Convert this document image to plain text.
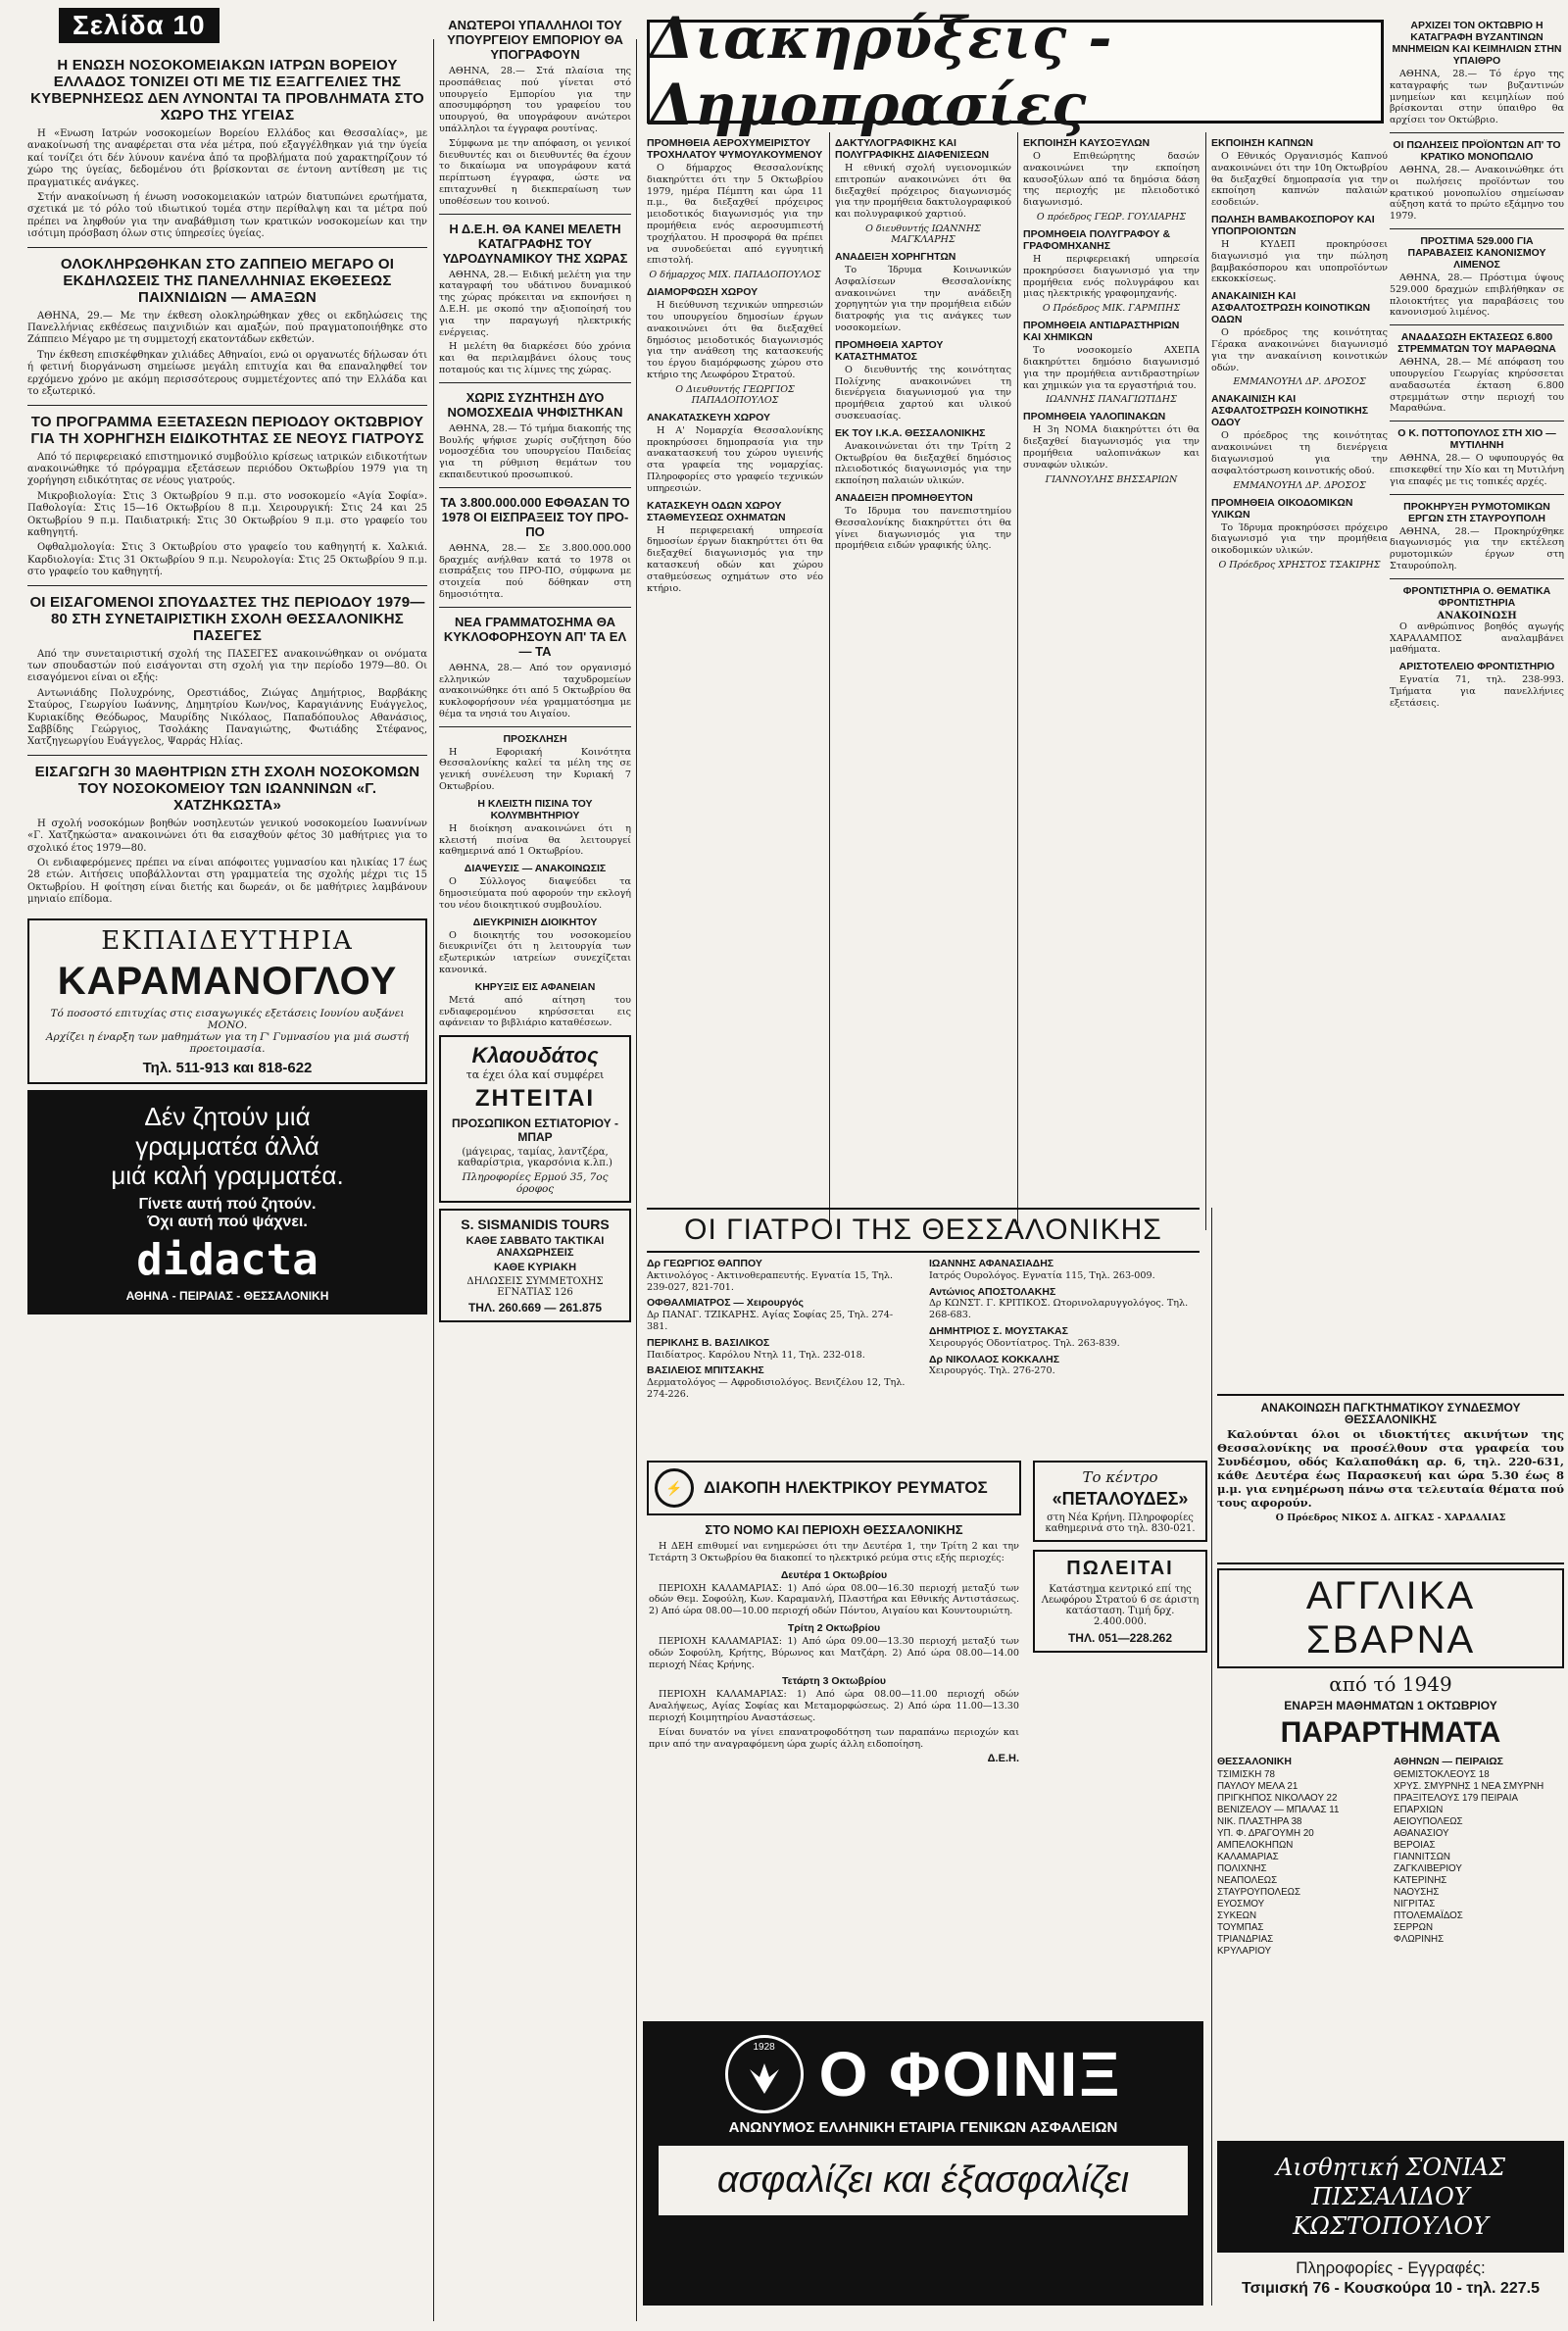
Σελίδα 10
Η ΕΝΩΣΗ ΝΟΣΟΚΟΜΕΙΑΚΩΝ ΙΑΤΡΩΝ ΒΟΡΕΙΟΥ ΕΛΛΑΔΟΣ ΤΟΝΙΖΕΙ ΟΤΙ ΜΕ ΤΙΣ ΕΞΑΓΓΕΛΙΕΣ ΤΗΣ ΚΥΒΕΡΝΗΣΕΩΣ ΔΕΝ ΛΥΝΟΝΤΑΙ ΤΑ ΠΡΟΒΛΗΜΑΤΑ ΣΤΟ ΧΩΡΟ ΤΗΣ ΥΓΕΙΑΣ

Η «Ενωση Ιατρών νοσοκομείων Βορείου Ελλάδος και Θεσσαλίας», με ανακοίνωσή της αναφέρεται στα νέα μέτρα, πού εξαγγέλθηκαν γιά την ύγεία καί τονίζει ότι δέν λύνουν κανένα ἀπό τα προβλήματα πού χαρακτηρίζουν τό χώρο της ύγείας, δεδομένου ότι βρίσκονται σε έντονη αντίθεση με τις πραγματικές ανάγκες.

Στήν ανακοίνωση ή ένωση νοσοκομειακών ιατρών διατυπώνει ερωτήματα, σχετικά με τό ρόλο τού ιδιωτικού τομέα στην περίθαλψη και τα μέτρα πού πρέπει να ληφθούν για την αναβάθμιση των κρατικών νοσοκομείων και την ισότιμη πρόσβαση όλων στις ύπηρεσίες ύγείας.

ΟΛΟΚΛΗΡΩΘΗΚΑΝ ΣΤΟ ΖΑΠΠΕΙΟ ΜΕΓΑΡΟ ΟΙ ΕΚΔΗΛΩΣΕΙΣ ΤΗΣ ΠΑΝΕΛΛΗΝΙΑΣ ΕΚΘΕΣΕΩΣ ΠΑΙΧΝΙΔΙΩΝ — ΑΜΑΞΩΝ

ΑΘΗΝΑ, 29.— Με την έκθεση ολοκληρώθηκαν χθες οι εκδηλώσεις της Πανελλήνιας εκθέσεως παιχνιδιών και αμαξών, πού πραγματοποιήθηκε στο Ζάππειο Μέγαρο με τη συμμετοχή εκατοντάδων εκθετών.

Την έκθεση επισκέφθηκαν χιλιάδες Αθηναίοι, ενώ οι οργανωτές δήλωσαν ότι ή φετινή διοργάνωση σημείωσε μεγάλη επιτυχία και θα επαναληφθεί τον ερχόμενο χρόνο με ακόμη περισσότερους συμμετέχοντες από την Ελλάδα και το εξωτερικό.

ΤΟ ΠΡΟΓΡΑΜΜΑ ΕΞΕΤΑΣΕΩΝ ΠΕΡΙΟΔΟΥ ΟΚΤΩΒΡΙΟΥ ΓΙΑ ΤΗ ΧΟΡΗΓΗΣΗ ΕΙΔΙΚΟΤΗΤΑΣ ΣΕ ΝΕΟΥΣ ΓΙΑΤΡΟΥΣ

Από τό περιφερειακό επιστημονικό συμβούλιο κρίσεως ιατρικών ειδικοτήτων ανακοινώθηκε τό πρόγραμμα εξετάσεων περιόδου Οκτωβρίου 1979 για τη χορήγηση ειδικότητας σε νέους γιατρούς.

Μικροβιολογία: Στις 3 Οκτωβρίου 9 π.μ. στο νοσοκομείο «Αγία Σοφία». Παθολογία: Στις 15—16 Οκτωβρίου 8 π.μ. Χειρουργική: Στις 24 και 25 Οκτωβρίου 9 π.μ. Παιδιατρική: Στις 30 Οκτωβρίου 9 π.μ. στο γραφείο του καθηγητή.

Οφθαλμολογία: Στις 3 Οκτωβρίου στο γραφείο του καθηγητή κ. Χαλκιά. Καρδιολογία: Στις 31 Οκτωβρίου 9 π.μ. Νευρολογία: Στις 25 Οκτωβρίου 9 π.μ. στο γραφείο του καθηγητή.

ΟΙ ΕΙΣΑΓΟΜΕΝΟΙ ΣΠΟΥΔΑΣΤΕΣ ΤΗΣ ΠΕΡΙΟΔΟΥ 1979—80 ΣΤΗ ΣΥΝΕΤΑΙΡΙΣΤΙΚΗ ΣΧΟΛΗ ΘΕΣΣΑΛΟΝΙΚΗΣ ΠΑΣΕΓΕΣ

Από την συνεταιριστική σχολή της ΠΑΣΕΓΕΣ ανακοινώθηκαν οι ονόματα των σπουδαστών πού εισάγονται στη σχολή για την περίοδο 1979—80. Οι εισαγόμενοι είναι οι εξής:

Αντωνιάδης Πολυχρόνης, Ορεστιάδος, Ζιώγας Δημήτριος, Βαρβάκης Σταύρος, Γεωργίου Ιωάννης, Δημητρίου Κων/νος, Καραγιάννης Ευάγγελος, Κυριακίδης Θεόδωρος, Μαυρίδης Νικόλαος, Παπαδόπουλος Αθανάσιος, Σαββίδης Γεώργιος, Τσολάκης Παναγιώτης, Φωτιάδης Στέφανος, Χατζηγεωργίου Ευάγγελος, Ψαρράς Ηλίας.

ΕΙΣΑΓΩΓΗ 30 ΜΑΘΗΤΡΙΩΝ ΣΤΗ ΣΧΟΛΗ ΝΟΣΟΚΟΜΩΝ ΤΟΥ ΝΟΣΟΚΟΜΕΙΟΥ ΤΩΝ ΙΩΑΝΝΙΝΩΝ «Γ. ΧΑΤΖΗΚΩΣΤΑ»

Η σχολή νοσοκόμων βοηθών νοσηλευτών γενικού νοσοκομείου Ιωαννίνων «Γ. Χατζηκώστα» ανακοινώνει ότι θα εισαχθούν φέτος 30 μαθήτριες για το σχολικό έτος 1979—80.

Οι ενδιαφερόμενες πρέπει να είναι απόφοιτες γυμνασίου και ηλικίας 17 έως 28 ετών. Αιτήσεις υποβάλλονται στη γραμματεία της σχολής μέχρι τις 15 Οκτωβρίου. Η φοίτηση είναι διετής και δωρεάν, οι δε μαθήτριες λαμβάνουν μηνιαίο επίδομα.

ΕΚΠΑΙΔΕΥΤΗΡΙΑ
ΚΑΡΑΜΑΝΟΓΛΟΥ
Τό ποσοστό επιτυχίας στις εισαγωγικές εξετάσεις Ιουνίου αυξάνει ΜΟΝΟ.
Αρχίζει η έναρξη των μαθημάτων για τη Γ' Γυμνασίου για μιά σωστή προετοιμασία.
Τηλ. 511-913 και 818-622
Δέν ζητούν μιά
γραμματέα άλλά
μιά καλή γραμματέα.
Γίνετε αυτή πού ζητούν.
Όχι αυτή πού ψάχνει.
didacta
ΑΘΗΝΑ - ΠΕΙΡΑΙΑΣ - ΘΕΣΣΑΛΟΝΙΚΗ
ΑΝΩΤΕΡΟΙ ΥΠΑΛΛΗΛΟΙ ΤΟΥ ΥΠΟΥΡΓΕΙΟΥ ΕΜΠΟΡΙΟΥ ΘΑ ΥΠΟΓΡΑΦΟΥΝ

ΑΘΗΝΑ, 28.— Στά πλαίσια της προσπάθειας πού γίνεται στό υπουργείο Εμπορίου για την αποσυμφόρηση του γραφείου του υπουργού, θα υπογράφουν ανώτεροι υπάλληλοι τα έγγραφα ρουτίνας.

Σύμφωνα με την απόφαση, οι γενικοί διευθυντές και οι διευθυντές θα έχουν το δικαίωμα να υπογράφουν κατά περίπτωση έγγραφα, ώστε να επιταχυνθεί η διεκπεραίωση των υποθέσεων του κοινού.

Η Δ.Ε.Η. ΘΑ ΚΑΝΕΙ ΜΕΛΕΤΗ ΚΑΤΑΓΡΑΦΗΣ ΤΟΥ ΥΔΡΟΔΥΝΑΜΙΚΟΥ ΤΗΣ ΧΩΡΑΣ

ΑΘΗΝΑ, 28.— Ειδική μελέτη για την καταγραφή του υδάτινου δυναμικού της χώρας πρόκειται να εκπονήσει η Δ.Ε.Η. με σκοπό την αξιοποίησή του για την παραγωγή ηλεκτρικής ενέργειας.

Η μελέτη θα διαρκέσει δύο χρόνια και θα περιλαμβάνει όλους τους ποταμούς και τις λίμνες της χώρας.

ΧΩΡΙΣ ΣΥΖΗΤΗΣΗ ΔΥΟ ΝΟΜΟΣΧΕΔΙΑ ΨΗΦΙΣΤΗΚΑΝ

ΑΘΗΝΑ, 28.— Τό τμήμα διακοπής της Βουλής ψήφισε χωρίς συζήτηση δύο νομοσχέδια του υπουργείου Παιδείας για τη ρύθμιση θεμάτων του εκπαιδευτικού προσωπικού.

ΤΑ 3.800.000.000 ΕΦΘΑΣΑΝ ΤΟ 1978 ΟΙ ΕΙΣΠΡΑΞΕΙΣ ΤΟΥ ΠΡΟ-ΠΟ

ΑΘΗΝΑ, 28.— Σε 3.800.000.000 δραχμές ανήλθαν κατά το 1978 οι εισπράξεις του ΠΡΟ-ΠΟ, σύμφωνα με στοιχεία πού δόθηκαν στη δημοσιότητα.

ΝΕΑ ΓΡΑΜΜΑΤΟΣΗΜΑ ΘΑ ΚΥΚΛΟΦΟΡΗΣΟΥΝ ΑΠ' ΤΑ ΕΛ — ΤΑ

ΑΘΗΝΑ, 28.— Από τον οργανισμό ελληνικών ταχυδρομείων ανακοινώθηκε ότι από 5 Οκτωβρίου θα κυκλοφορήσουν νέα γραμματόσημα με θέμα τα νησιά του Αιγαίου.

ΠΡΟΣΚΛΗΣΗ

Η Εφοριακή Κοινότητα Θεσσαλονίκης καλεί τα μέλη της σε γενική συνέλευση την Κυριακή 7 Οκτωβρίου.

Η ΚΛΕΙΣΤΗ ΠΙΣΙΝΑ ΤΟΥ ΚΟΛΥΜΒΗΤΗΡΙΟΥ

Η διοίκηση ανακοινώνει ότι η κλειστή πισίνα θα λειτουργεί καθημερινά από 1 Οκτωβρίου.

ΔΙΑΨΕΥΣΙΣ — ΑΝΑΚΟΙΝΩΣΙΣ

Ο Σύλλογος διαψεύδει τα δημοσιεύματα πού αφορούν την εκλογή του νέου διοικητικού συμβουλίου.

ΔΙΕΥΚΡΙΝΙΣΗ ΔΙΟΙΚΗΤΟΥ

Ο διοικητής του νοσοκομείου διευκρινίζει ότι η λειτουργία των εξωτερικών ιατρείων συνεχίζεται κανονικά.

ΚΗΡΥΞΙΣ ΕΙΣ ΑΦΑΝΕΙΑΝ

Μετά από αίτηση του ενδιαφερομένου κηρύσσεται εις αφάνειαν το βιβλιάριο καταθέσεων.

Κλαουδάτος
τα έχει όλα καί συμφέρει
ΖΗΤΕΙΤΑΙ
ΠΡΟΣΩΠΙΚΟΝ ΕΣΤΙΑΤΟΡΙΟΥ - ΜΠΑΡ
(μάγειρας, ταμίας, λαντζέρα, καθαρίστρια, γκαρσόνια κ.λπ.)
Πληροφορίες Ερμού 35, 7ος όροφος
S. SISMANIDIS TOURS
ΚΑΘΕ ΣΑΒΒΑΤΟ ΤΑΚΤΙΚΑΙ ΑΝΑΧΩΡΗΣΕΙΣ
ΚΑΘΕ ΚΥΡΙΑΚΗ
ΔΗΛΩΣΕΙΣ ΣΥΜΜΕΤΟΧΗΣ ΕΓΝΑΤΙΑΣ 126
ΤΗΛ. 260.669 — 261.875
Διακηρύξεις - Δημοπρασίες
ΠΡΟΜΗΘΕΙΑ ΑΕΡΟΧΥΜΕΙΡΙΣΤΟΥ ΤΡΟΧΗΛΑΤΟΥ ΨΥΜΟΥΛΚΟΥΜΕΝΟΥ

Ο δήμαρχος Θεσσαλονίκης διακηρύττει ότι την 5 Οκτωβρίου 1979, ημέρα Πέμπτη και ώρα 11 π.μ., θα διεξαχθεί πρόχειρος μειοδοτικός διαγωνισμός για την προμήθεια ενός αεροσυμπιεστή τροχήλατου. Η προσφορά θα πρέπει να συνοδεύεται από εγγυητική επιστολή.

Ο δήμαρχος ΜΙΧ. ΠΑΠΑΔΟΠΟΥΛΟΣ
ΔΙΑΜΟΡΦΩΣΗ ΧΩΡΟΥ

Η διεύθυνση τεχνικών υπηρεσιών του υπουργείου δημοσίων έργων ανακοινώνει ότι θα διεξαχθεί δημόσιος μειοδοτικός διαγωνισμός για την ανάθεση της κατασκευής του έργου διαμόρφωσης χώρου στο κτήριο της Λεωφόρου Στρατού.

Ο Διευθυντής ΓΕΩΡΓΙΟΣ ΠΑΠΑΔΟΠΟΥΛΟΣ
ΑΝΑΚΑΤΑΣΚΕΥΗ ΧΩΡΟΥ

Η Α' Νομαρχία Θεσσαλονίκης προκηρύσσει δημοπρασία για την ανακατασκευή του χώρου υγιεινής στα γραφεία της νομαρχίας. Πληροφορίες στο γραφείο τεχνικών υπηρεσιών.

ΚΑΤΑΣΚΕΥΗ ΟΔΩΝ ΧΩΡΟΥ ΣΤΑΘΜΕΥΣΕΩΣ ΟΧΗΜΑΤΩΝ

Η περιφερειακή υπηρεσία δημοσίων έργων διακηρύττει ότι θα διεξαχθεί διαγωνισμός για την κατασκευή οδών και χώρου σταθμεύσεως οχημάτων στο νέο κτήριο.

ΔΑΚΤΥΛΟΓΡΑΦΙΚΗΣ ΚΑΙ ΠΟΛΥΓΡΑΦΙΚΗΣ ΔΙΑΦΕΝΙΣΕΩΝ

Η εθνική σχολή υγειονομικών επιτροπών ανακοινώνει ότι θα διεξαχθεί πρόχειρος διαγωνισμός για την προμήθεια δακτυλογραφικού και πολυγραφικού χαρτιού.

Ο διευθυντής ΙΩΑΝΝΗΣ ΜΑΓΚΛΑΡΗΣ
ΑΝΑΔΕΙΞΗ ΧΟΡΗΓΗΤΩΝ

Το Ίδρυμα Κοινωνικών Ασφαλίσεων Θεσσαλονίκης ανακοινώνει την ανάδειξη χορηγητών για την προμήθεια ειδών διατροφής για τις ανάγκες των νοσοκομείων.

ΠΡΟΜΗΘΕΙΑ ΧΑΡΤΟΥ ΚΑΤΑΣΤΗΜΑΤΟΣ

Ο διευθυντής της κοινότητας Πολίχνης ανακοινώνει τη διενέργεια διαγωνισμού για την προμήθεια χαρτού και υλικού συσκευασίας.

ΕΚ ΤΟΥ Ι.Κ.Α. ΘΕΣΣΑΛΟΝΙΚΗΣ

Ανακοινώνεται ότι την Τρίτη 2 Οκτωβρίου θα διεξαχθεί δημόσιος πλειοδοτικός διαγωνισμός για την εκποίηση παλαιών υλικών.

ΑΝΑΔΕΙΞΗ ΠΡΟΜΗΘΕΥΤΟΝ

Το Ιδρυμα του πανεπιστημίου Θεσσαλονίκης διακηρύττει ότι θα γίνει διαγωνισμός για την προμήθεια ειδών γραφικής ύλης.

ΕΚΠΟΙΗΣΗ ΚΑΥΣΟΞΥΛΩΝ

Ο Επιθεώρητης δασών ανακοινώνει την εκποίηση καυσοξύλων από τα δημόσια δάση της περιοχής με πλειοδοτικό διαγωνισμό.

Ο πρόεδρος ΓΕΩΡ. ΓΟΥΛΙΑΡΗΣ
ΠΡΟΜΗΘΕΙΑ ΠΟΛΥΓΡΑΦΟΥ & ΓΡΑΦΟΜΗΧΑΝΗΣ

Η περιφερειακή υπηρεσία προκηρύσσει διαγωνισμό για την προμήθεια ενός πολυγράφου και μιας ηλεκτρικής γραφομηχανής.

Ο Πρόεδρος ΜΙΚ. ΓΑΡΜΠΗΣ
ΠΡΟΜΗΘΕΙΑ ΑΝΤΙΔΡΑΣΤΗΡΙΩΝ ΚΑΙ ΧΗΜΙΚΩΝ

Το νοσοκομείο ΑΧΕΠΑ διακηρύττει δημόσιο διαγωνισμό για την προμήθεια αντιδραστηρίων και χημικών για τα εργαστήριά του.

ΙΩΑΝΝΗΣ ΠΑΝΑΓΙΩΤΙΔΗΣ
ΠΡΟΜΗΘΕΙΑ ΥΑΛΟΠΙΝΑΚΩΝ

Η 3η ΝΟΜΑ διακηρύττει ότι θα διεξαχθεί διαγωνισμός για την προμήθεια υαλοπινάκων και συναφών υλικών.

ΓΙΑΝΝΟΥΛΗΣ ΒΗΣΣΑΡΙΩΝ
ΕΚΠΟΙΗΣΗ ΚΑΠΝΩΝ

Ο Εθνικός Οργανισμός Καπνού ανακοινώνει ότι την 10η Οκτωβρίου θα διεξαχθεί δημοπρασία για την εκποίηση καπνών παλαιών εσοδειών.

ΠΩΛΗΣΗ ΒΑΜΒΑΚΟΣΠΟΡΟΥ ΚΑΙ ΥΠΟΠΡΟΙΟΝΤΩΝ

Η ΚΥΔΕΠ προκηρύσσει διαγωνισμό για την πώληση βαμβακόσπορου και υποπροϊόντων εκκοκκίσεως.

ΑΝΑΚΑΙΝΙΣΗ ΚΑΙ ΑΣΦΑΛΤΟΣΤΡΩΣΗ ΚΟΙΝΟΤΙΚΩΝ ΟΔΩΝ

Ο πρόεδρος της κοινότητας Γέρακα ανακοινώνει διαγωνισμό για την ανακαίνιση κοινοτικών οδών.

ΕΜΜΑΝΟΥΗΛ ΔΡ. ΔΡΟΣΟΣ
ΑΝΑΚΑΙΝΙΣΗ ΚΑΙ ΑΣΦΑΛΤΟΣΤΡΩΣΗ ΚΟΙΝΟΤΙΚΗΣ ΟΔΟΥ

Ο πρόεδρος της κοινότητας ανακοινώνει τη διενέργεια διαγωνισμού για την ασφαλτόστρωση κοινοτικής οδού.

ΕΜΜΑΝΟΥΗΛ ΔΡ. ΔΡΟΣΟΣ
ΠΡΟΜΗΘΕΙΑ ΟΙΚΟΔΟΜΙΚΩΝ ΥΛΙΚΩΝ

Το Ίδρυμα προκηρύσσει πρόχειρο διαγωνισμό για την προμήθεια οικοδομικών υλικών.

Ο Πρόεδρος ΧΡΗΣΤΟΣ ΤΣΑΚΙΡΗΣ
ΟΙ ΓΙΑΤΡΟΙ ΤΗΣ ΘΕΣΣΑΛΟΝΙΚΗΣ
Δρ ΓΕΩΡΓΙΟΣ ΘΑΠΠΟΥ
Ακτινολόγος - Ακτινοθεραπευτής. Εγνατία 15, Τηλ. 239-027, 821-701.
ΟΦΘΑΛΜΙΑΤΡΟΣ — Χειρουργός
Δρ ΠΑΝΑΓ. ΤΖΙΚΑΡΗΣ. Αγίας Σοφίας 25, Τηλ. 274-381.
ΠΕΡΙΚΛΗΣ Β. ΒΑΣΙΛΙΚΟΣ
Παιδίατρος. Καρόλου Ντηλ 11, Τηλ. 232-018.
ΒΑΣΙΛΕΙΟΣ ΜΠΙΤΣΑΚΗΣ
Δερματολόγος — Αφροδισιολόγος. Βενιζέλου 12, Τηλ. 274-226.
ΙΩΑΝΝΗΣ ΑΦΑΝΑΣΙΑΔΗΣ
Ιατρός Ουρολόγος. Εγνατία 115, Τηλ. 263-009.
Αντώνιος ΑΠΟΣΤΟΛΑΚΗΣ
Δρ ΚΩΝΣΤ. Γ. ΚΡΙΤΙΚΟΣ. Ωτορινολαρυγγολόγος. Τηλ. 268-683.
ΔΗΜΗΤΡΙΟΣ Σ. ΜΟΥΣΤΑΚΑΣ
Χειρουργός Οδοντίατρος. Τηλ. 263-839.
Δρ ΝΙΚΟΛΑΟΣ ΚΟΚΚΑΛΗΣ
Χειρουργός. Τηλ. 276-270.
⚡	ΔΙΑΚΟΠΗ ΗΛΕΚΤΡΙΚΟΥ ΡΕΥΜΑΤΟΣ
ΣΤΟ ΝΟΜΟ ΚΑΙ ΠΕΡΙΟΧΗ ΘΕΣΣΑΛΟΝΙΚΗΣ

Η ΔΕΗ επιθυμεί ναι ενημερώσει ότι την Δευτέρα 1, την Τρίτη 2 και την Τετάρτη 3 Οκτωβρίου θα διακοπεί το ηλεκτρικό ρεύμα στις εξής περιοχές:

Δευτέρα 1 Οκτωβρίου

ΠΕΡΙΟΧΗ ΚΑΛΑΜΑΡΙΑΣ: 1) Από ώρα 08.00—16.30 περιοχή μεταξύ των οδών Θεμ. Σοφούλη, Κων. Καραμανλή, Πλαστήρα και Εθνικής Αντιστάσεως. 2) Από ώρα 08.00—10.00 περιοχή οδών Πόντου, Αιγαίου και Κουντουριώτη.

Τρίτη 2 Οκτωβρίου

ΠΕΡΙΟΧΗ ΚΑΛΑΜΑΡΙΑΣ: 1) Από ώρα 09.00—13.30 περιοχή μεταξύ των οδών Σοφούλη, Κρήτης, Βύρωνος και Ματζάρη. 2) Από ώρα 08.00—14.00 περιοχή Νέας Κρήνης.

Τετάρτη 3 Οκτωβρίου

ΠΕΡΙΟΧΗ ΚΑΛΑΜΑΡΙΑΣ: 1) Από ώρα 08.00—11.00 περιοχή οδών Αναλήψεως, Αγίας Σοφίας και Μεταμορφώσεως. 2) Από ώρα 11.00—13.30 περιοχή Κοιμητηρίου Αναστάσεως.

Είναι δυνατόν να γίνει επανατροφοδότηση των παραπάνω περιοχών και πριν από την αναγραφόμενη ώρα χωρίς άλλη ειδοποίηση.

Δ.Ε.Η.
Το κέντρο
«ΠΕΤΑΛΟΥΔΕΣ»
στη Νέα Κρήνη. Πληροφορίες καθημερινά στο τηλ. 830-021.
ΠΩΛΕΙΤΑΙ
Κατάστημα κεντρικό επί της Λεωφόρου Στρατού 6 σε άριστη κατάσταση. Τιμή δρχ. 2.400.000.
ΤΗΛ. 051—228.262
1928 Ο ΦΟΙΝΙΞ
ΑΝΩΝΥΜΟΣ ΕΛΛΗΝΙΚΗ ΕΤΑΙΡΙΑ ΓΕΝΙΚΩΝ ΑΣΦΑΛΕΙΩΝ
ασφαλίζει και έξασφαλίζει
ΑΡΧΙΖΕΙ ΤΟΝ ΟΚΤΩΒΡΙΟ Η ΚΑΤΑΓΡΑΦΗ ΒΥΖΑΝΤΙΝΩΝ ΜΝΗΜΕΙΩΝ ΚΑΙ ΚΕΙΜΗΛΙΩΝ ΣΤΗΝ ΥΠΑΙΘΡΟ

ΑΘΗΝΑ, 28.— Τό έργο της καταγραφής των βυζαντινών μνημείων και κειμηλίων πού βρίσκονται στην ύπαιθρο θα αρχίσει τον Οκτώβριο.

ΟΙ ΠΩΛΗΣΕΙΣ ΠΡΟΪΟΝΤΩΝ ΑΠ' ΤΟ ΚΡΑΤΙΚΟ ΜΟΝΟΠΩΛΙΟ

ΑΘΗΝΑ, 28.— Ανακοινώθηκε ότι οι πωλήσεις προϊόντων του κρατικού μονοπωλίου σημείωσαν αύξηση κατά το πρώτο εξάμηνο του 1979.

ΠΡΟΣΤΙΜΑ 529.000 ΓΙΑ ΠΑΡΑΒΑΣΕΙΣ ΚΑΝΟΝΙΣΜΟΥ ΛΙΜΕΝΟΣ

ΑΘΗΝΑ, 28.— Πρόστιμα ύψους 529.000 δραχμών επιβλήθηκαν σε πλοιοκτήτες για παραβάσεις του κανονισμού λιμένος.

ΑΝΑΔΑΣΩΣΗ ΕΚΤΑΣΕΩΣ 6.800 ΣΤΡΕΜΜΑΤΩΝ ΤΟΥ ΜΑΡΑΘΩΝΑ

ΑΘΗΝΑ, 28.— Μέ απόφαση του υπουργείου Γεωργίας κηρύσσεται αναδασωτέα έκταση 6.800 στρεμμάτων στην περιοχή του Μαραθώνα.

Ο Κ. ΠΟΤΤΟΠΟΥΛΟΣ ΣΤΗ ΧΙΟ — ΜΥΤΙΛΗΝΗ

ΑΘΗΝΑ, 28.— Ο υφυπουργός θα επισκεφθεί την Χίο και τη Μυτιλήνη για επαφές με τις τοπικές αρχές.

ΠΡΟΚΗΡΥΞΗ ΡΥΜΟΤΟΜΙΚΩΝ ΕΡΓΩΝ ΣΤΗ ΣΤΑΥΡΟΥΠΟΛΗ

ΑΘΗΝΑ, 28.— Προκηρύχθηκε διαγωνισμός για την εκτέλεση ρυμοτομικών έργων στη Σταυρούπολη.

ΦΡΟΝΤΙΣΤΗΡΙΑ Ο. ΘΕΜΑΤΙΚΑ ΦΡΟΝΤΙΣΤΗΡΙΑ
ΑΝΑΚΟΙΝΩΣΗ

Ο ανθρώπινος βοηθός αγωγής ΧΑΡΑΛΑΜΠΟΣ αναλαμβάνει μαθήματα.

ΑΡΙΣΤΟΤΕΛΕΙΟ ΦΡΟΝΤΙΣΤΗΡΙΟ

Εγνατία 71, τηλ. 238-993. Τμήματα για πανελλήνιες εξετάσεις.

ΑΝΑΚΟΙΝΩΣΗ ΠΑΓΚΤΗΜΑΤΙΚΟΥ ΣΥΝΔΕΣΜΟΥ ΘΕΣΣΑΛΟΝΙΚΗΣ

Καλούνται όλοι οι ιδιοκτήτες ακινήτων της Θεσσαλονίκης να προσέλθουν στα γραφεία του Συνδέσμου, οδός Καλαποθάκη αρ. 6, τηλ. 220-631, κάθε Δευτέρα έως Παρασκευή και ώρα 5.30 έως 8 μ.μ. για ενημέρωση πάνω στα τελευταία θέματα πού τους αφορούν.

Ο Πρόεδρος ΝΙΚΟΣ Δ. ΔΙΓΚΑΣ - ΧΑΡΔΑΛΙΑΣ
ΑΓΓΛΙΚΑ ΣΒΑΡΝΑ
από τό 1949
ΕΝΑΡΞΗ ΜΑΘΗΜΑΤΩΝ 1 ΟΚΤΩΒΡΙΟΥ
ΠΑΡΑΡΤΗΜΑΤΑ
ΘΕΣΣΑΛΟΝΙΚΗ
ΤΣΙΜΙΣΚΗ 78
ΠΑΥΛΟΥ ΜΕΛΑ 21
ΠΡΙΓΚΗΠΟΣ ΝΙΚΟΛΑΟΥ 22
ΒΕΝΙΖΕΛΟΥ — ΜΠΑΛΑΣ 11
ΝΙΚ. ΠΛΑΣΤΗΡΑ 38
ΥΠ. Φ. ΔΡΑΓΟΥΜΗ 20
ΑΜΠΕΛΟΚΗΠΩΝ
ΚΑΛΑΜΑΡΙΑΣ
ΠΟΛΙΧΝΗΣ
ΝΕΑΠΟΛΕΩΣ
ΣΤΑΥΡΟΥΠΟΛΕΩΣ
ΕΥΟΣΜΟΥ
ΣΥΚΕΩΝ
ΤΟΥΜΠΑΣ
ΤΡΙΑΝΔΡΙΑΣ
ΚΡΥΛΑΡΙΟΥ
ΑΘΗΝΩΝ — ΠΕΙΡΑΙΩΣ
ΘΕΜΙΣΤΟΚΛΕΟΥΣ 18
ΧΡΥΣ. ΣΜΥΡΝΗΣ 1 ΝΕΑ ΣΜΥΡΝΗ
ΠΡΑΞΙΤΕΛΟΥΣ 179 ΠΕΙΡΑΙΑ
ΕΠΑΡΧΙΩΝ
ΑΕΙΟΥΠΟΛΕΩΣ
ΑΘΑΝΑΣΙΟΥ
ΒΕΡΟΙΑΣ
ΓΙΑΝΝΙΤΣΩΝ
ΖΑΓΚΛΙΒΕΡΙΟΥ
ΚΑΤΕΡΙΝΗΣ
ΝΑΟΥΣΗΣ
ΝΙΓΡΙΤΑΣ
ΠΤΟΛΕΜΑΪΔΟΣ
ΣΕΡΡΩΝ
ΦΛΩΡΙΝΗΣ
Αισθητική ΣΟΝΙΑΣ ΠΙΣΣΑΛΙΔΟΥ ΚΩΣΤΟΠΟΥΛΟΥ
Πληροφορίες - Εγγραφές:
Τσιμισκή 76 - Κουσκούρα 10 - τηλ. 227.5
